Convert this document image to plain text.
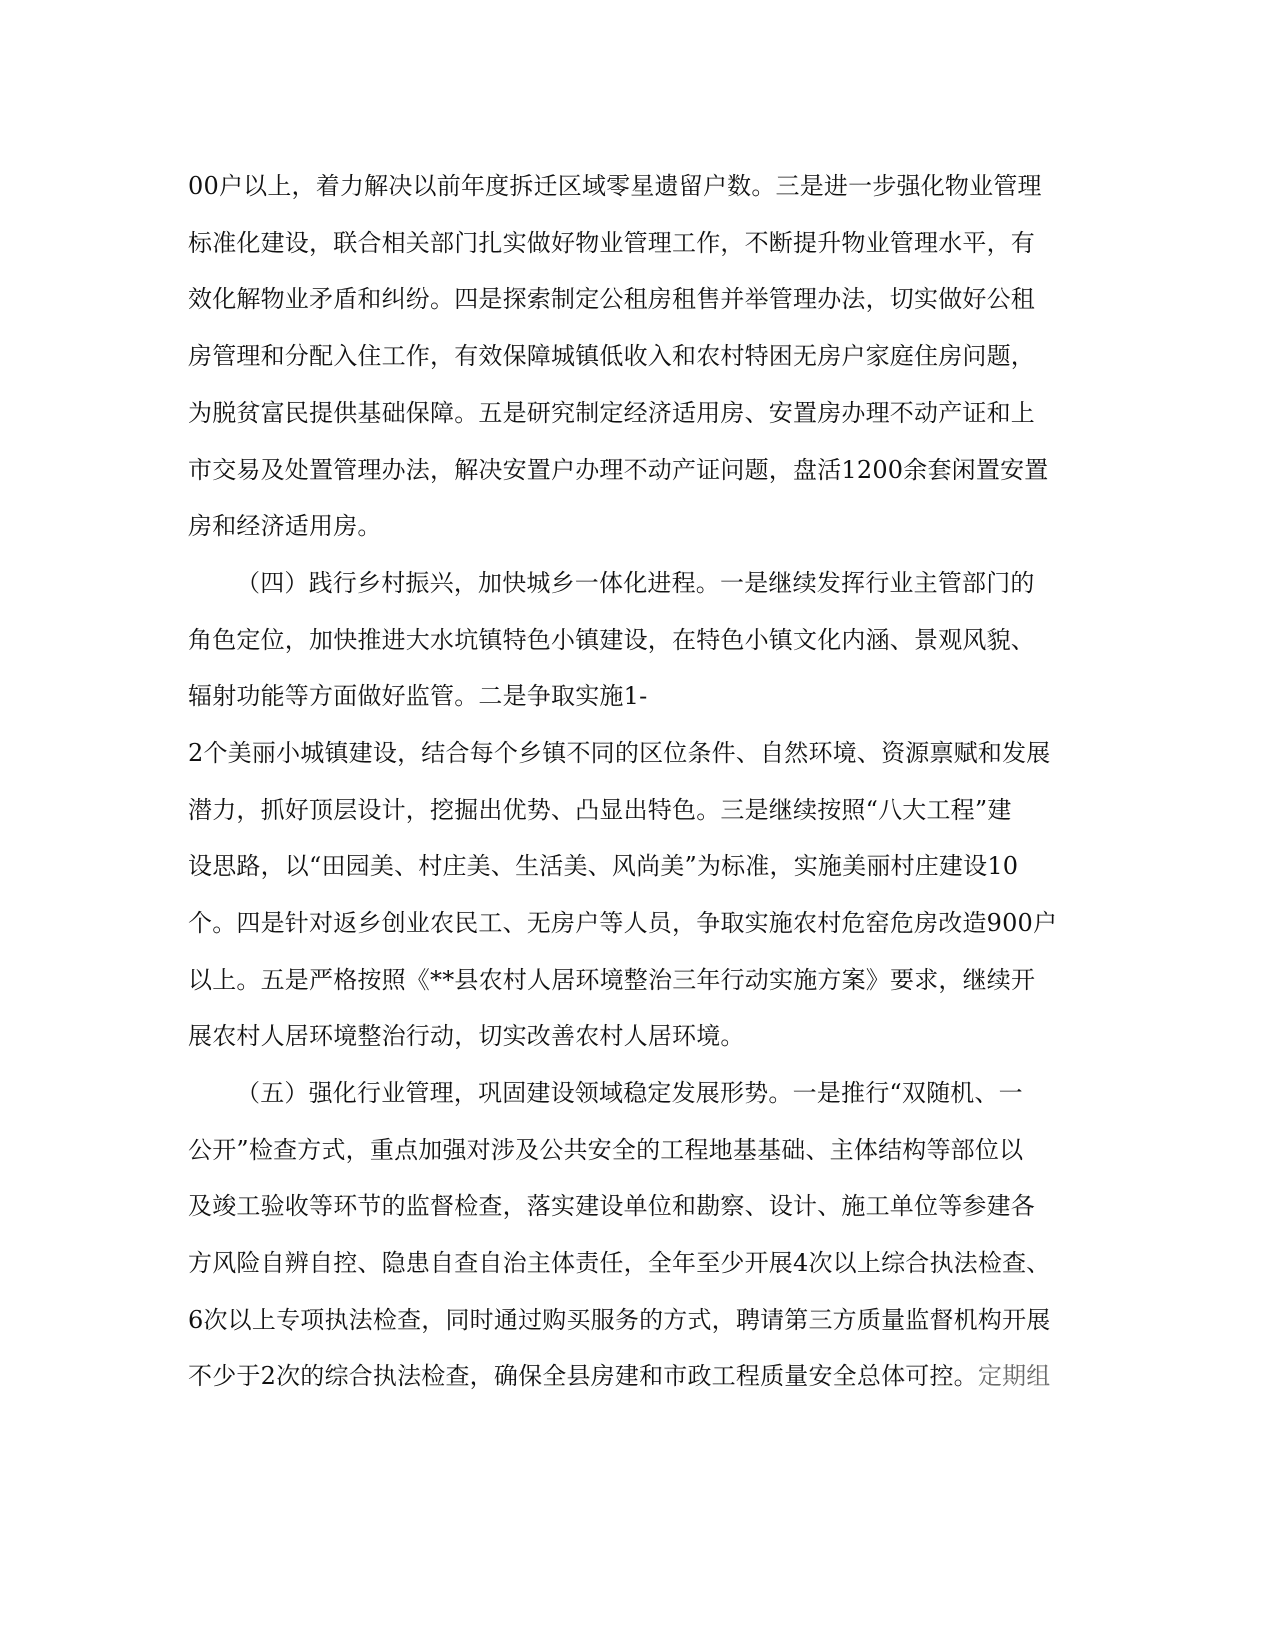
00户以上，着力解决以前年度拆迁区域零星遗留户数。三是进一步强化物业管理
标准化建设，联合相关部门扎实做好物业管理工作，不断提升物业管理水平，有
效化解物业矛盾和纠纷。四是探索制定公租房租售并举管理办法，切实做好公租
房管理和分配入住工作，有效保障城镇低收入和农村特困无房户家庭住房问题，
为脱贫富民提供基础保障。五是研究制定经济适用房、安置房办理不动产证和上
市交易及处置管理办法，解决安置户办理不动产证问题，盘活1200余套闲置安置
房和经济适用房。
（四）践行乡村振兴，加快城乡一体化进程。一是继续发挥行业主管部门的
角色定位，加快推进大水坑镇特色小镇建设，在特色小镇文化内涵、景观风貌、
辐射功能等方面做好监管。二是争取实施1-
2个美丽小城镇建设，结合每个乡镇不同的区位条件、自然环境、资源禀赋和发展
潜力，抓好顶层设计，挖掘出优势、凸显出特色。三是继续按照“八大工程”建
设思路，以“田园美、村庄美、生活美、风尚美”为标准，实施美丽村庄建设10
个。四是针对返乡创业农民工、无房户等人员，争取实施农村危窑危房改造900户
以上。五是严格按照《**县农村人居环境整治三年行动实施方案》要求，继续开
展农村人居环境整治行动，切实改善农村人居环境。
（五）强化行业管理，巩固建设领域稳定发展形势。一是推行“双随机、一
公开”检查方式，重点加强对涉及公共安全的工程地基基础、主体结构等部位以
及竣工验收等环节的监督检查，落实建设单位和勘察、设计、施工单位等参建各
方风险自辨自控、隐患自查自治主体责任，全年至少开展4次以上综合执法检查、
6次以上专项执法检查，同时通过购买服务的方式，聘请第三方质量监督机构开展
不少于2次的综合执法检查，确保全县房建和市政工程质量安全总体可控。定期组
